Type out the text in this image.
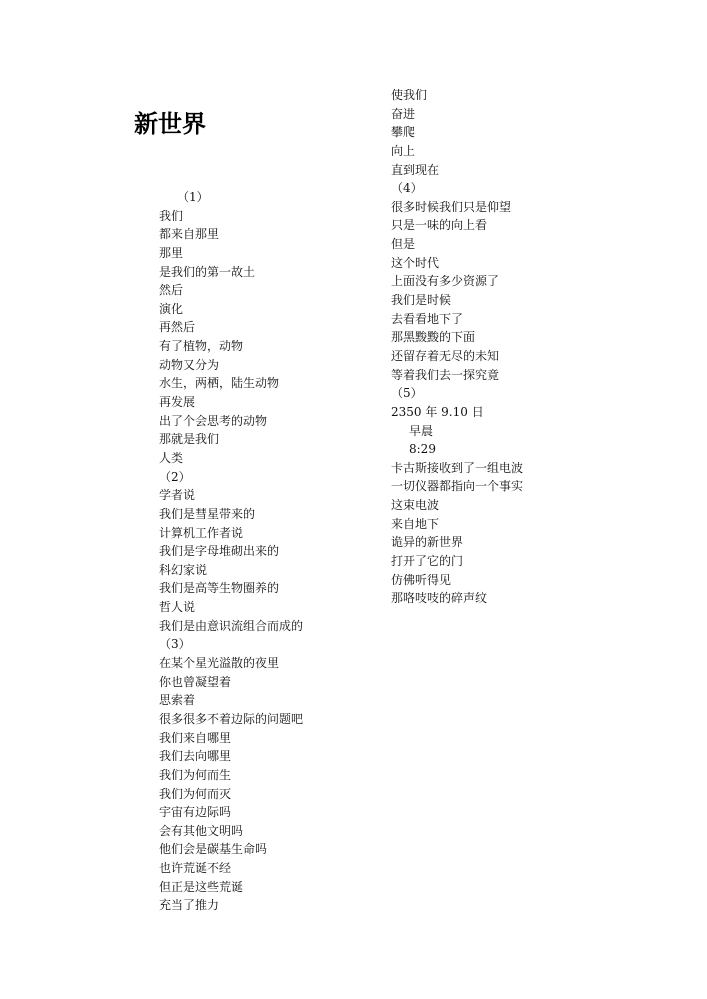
新世界
（1）
我们
都来自那里
那里
是我们的第一故土
然后
演化
再然后
有了植物，动物
动物又分为
水生，两栖，陆生动物
再发展
出了个会思考的动物
那就是我们
人类
（2）
学者说
我们是彗星带来的
计算机工作者说
我们是字母堆砌出来的
科幻家说
我们是高等生物圈养的
哲人说
我们是由意识流组合而成的
（3）
在某个星光溢散的夜里
你也曾凝望着
思索着
很多很多不着边际的问题吧
我们来自哪里
我们去向哪里
我们为何而生
我们为何而灭
宇宙有边际吗
会有其他文明吗
他们会是碳基生命吗
也许荒诞不经
但正是这些荒诞
充当了推力
使我们
奋进
攀爬
向上
直到现在
（4）
很多时候我们只是仰望
只是一味的向上看
但是
这个时代
上面没有多少资源了
我们是时候
去看看地下了
那黑黢黢的下面
还留存着无尽的未知
等着我们去一探究竟
（5）
2350 年 9.10 日
早晨
8:29
卡古斯接收到了一组电波
一切仪器都指向一个事实
这束电波
来自地下
诡异的新世界
打开了它的门
仿佛听得见
那咯吱吱的碎声纹
